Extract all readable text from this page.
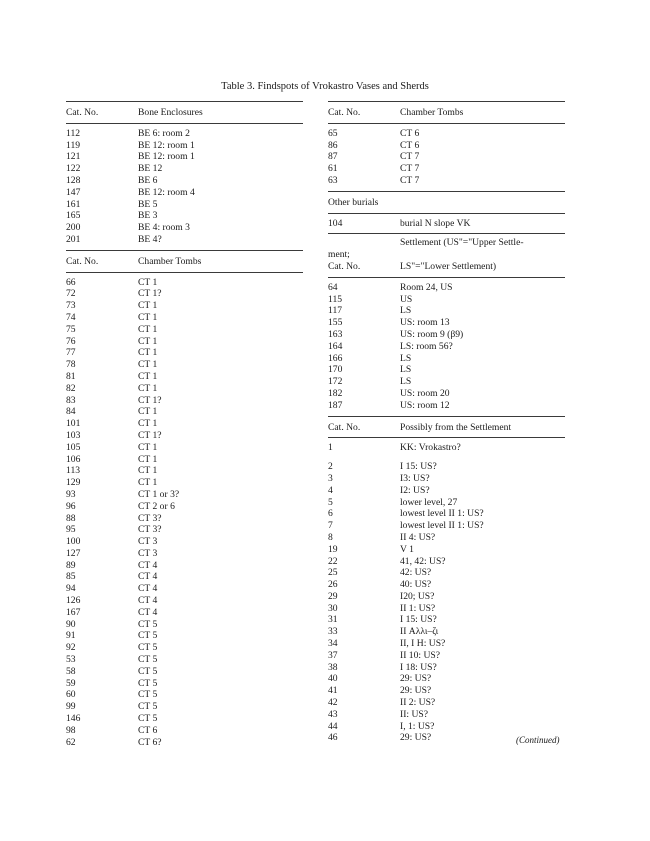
Table 3. Findspots of Vrokastro Vases and Sherds
Cat. No.	Bone Enclosures
112	BE 6: room 2
119	BE 12: room 1
121	BE 12: room 1
122	BE 12
128	BE 6
147	BE 12: room 4
161	BE 5
165	BE 3
200	BE 4: room 3
201	BE 4?
Cat. No.	Chamber Tombs
66	CT 1
72	CT 1?
73	CT 1
74	CT 1
75	CT 1
76	CT 1
77	CT 1
78	CT 1
81	CT 1
82	CT 1
83	CT 1?
84	CT 1
101	CT 1
103	CT 1?
105	CT 1
106	CT 1
113	CT 1
129	CT 1
93	CT 1 or 3?
96	CT 2 or 6
88	CT 3?
95	CT 3?
100	CT 3
127	CT 3
89	CT 4
85	CT 4
94	CT 4
126	CT 4
167	CT 4
90	CT 5
91	CT 5
92	CT 5
53	CT 5
58	CT 5
59	CT 5
60	CT 5
99	CT 5
146	CT 5
98	CT 6
62	CT 6?
Cat. No.	Chamber Tombs
65	CT 6
86	CT 6
87	CT 7
61	CT 7
63	CT 7
Other burials
104	burial N slope VK
Settlement (US"="Upper Settle-
ment;
Cat. No.	LS"="Lower Settlement)
64	Room 24, US
115	US
117	LS
155	US: room 13
163	US: room 9 (β9)
164	LS: room 56?
166	LS
170	LS
172	LS
182	US: room 20
187	US: room 12
Cat. No.	Possibly from the Settlement
1	KK: Vrokastro?
2	I 15: US?
3	I3: US?
4	I2: US?
5	lower level, 27
6	lowest level II 1: US?
7	lowest level II 1: US?
8	II 4: US?
19	V 1
22	41, 42: US?
25	42: US?
26	40: US?
29	I20; US?
30	II 1: US?
31	I 15: US?
33	II Αλλι–ζι
34	II, I H: US?
37	II 10: US?
38	I 18: US?
40	29: US?
41	29: US?
42	II 2: US?
43	II: US?
44	I, 1: US?
46	29: US?	(Continued)
